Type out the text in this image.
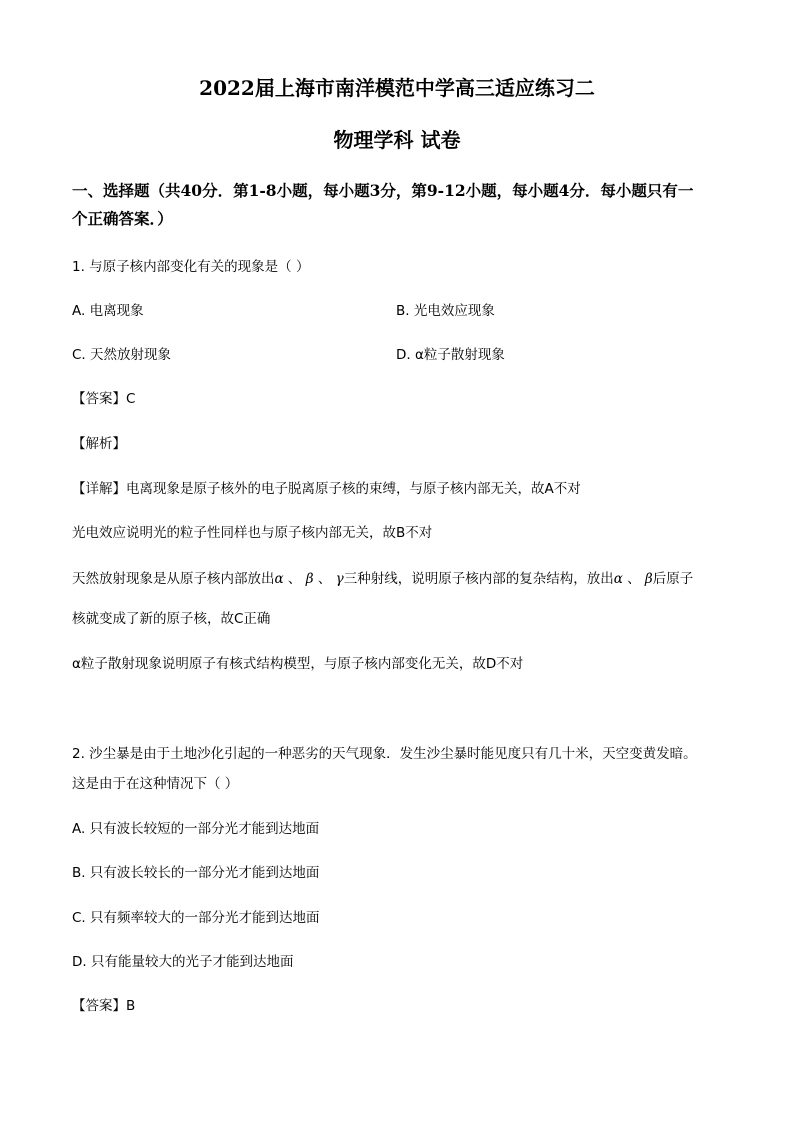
2022届上海市南洋模范中学高三适应练习二
物理学科 试卷
一、选择题（共40分．第1-8小题，每小题3分，第9-12小题，每小题4分．每小题只有一
个正确答案．）
1. 与原子核内部变化有关的现象是（ ）
A. 电离现象	B. 光电效应现象
C. 天然放射现象	D. α粒子散射现象
【答案】C
【解析】
【详解】电离现象是原子核外的电子脱离原子核的束缚，与原子核内部无关，故A不对
光电效应说明光的粒子性同样也与原子核内部无关，故B不对
天然放射现象是从原子核内部放出α 、 β 、 γ三种射线，说明原子核内部的复杂结构，放出α 、 β后原子
核就变成了新的原子核，故C正确
α粒子散射现象说明原子有核式结构模型，与原子核内部变化无关，故D不对
2. 沙尘暴是由于土地沙化引起的一种恶劣的天气现象．发生沙尘暴时能见度只有几十米，天空变黄发暗。
这是由于在这种情况下（ ）
A. 只有波长较短的一部分光才能到达地面
B. 只有波长较长的一部分光才能到达地面
C. 只有频率较大的一部分光才能到达地面
D. 只有能量较大的光子才能到达地面
【答案】B
